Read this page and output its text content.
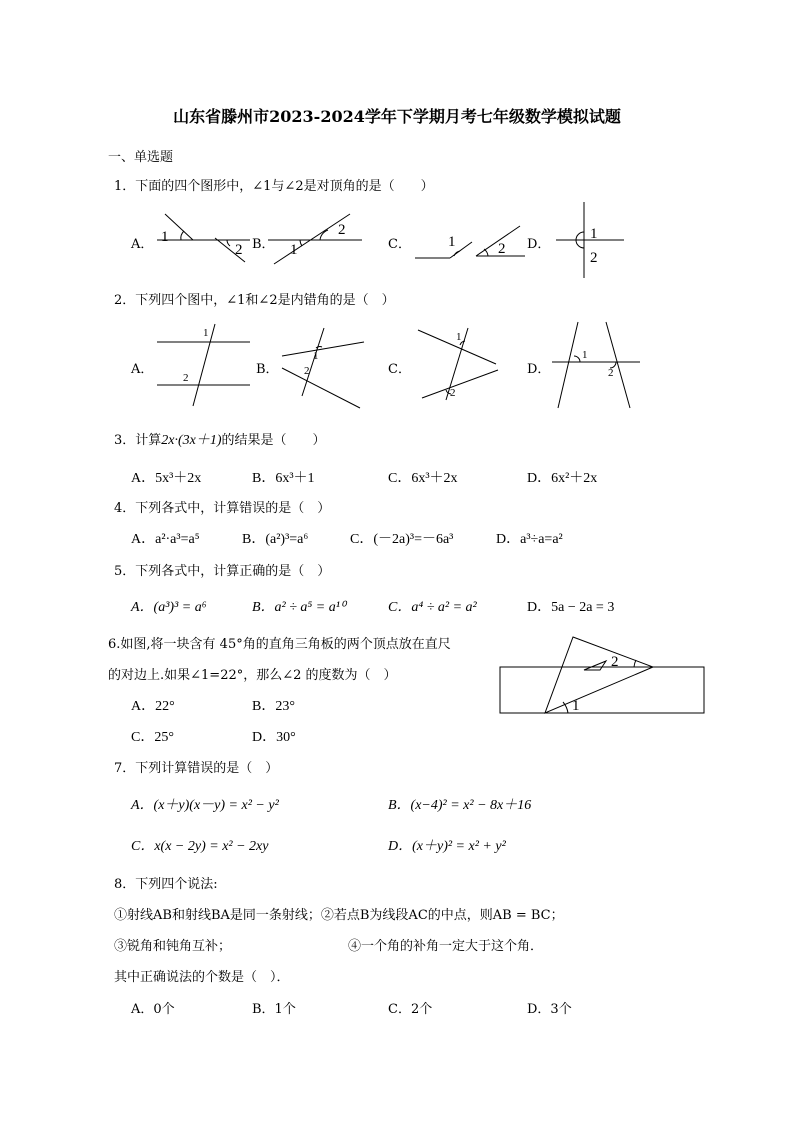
山东省滕州市2023-2024学年下学期月考七年级数学模拟试题
一、单选题
1．下面的四个图形中，∠1与∠2是对顶角的是（　　）
A．	B．	C．	D．
1
2	1
2
1	2
1
2
2．下列四个图中，∠1和∠2是内错角的是（　）
A．	B．	C．	D．
1
2
1
2
1
2
1
2
3．计算2x·(3x＋1)的结果是（　　）
A．5x³＋2x	B．6x³＋1	C．6x³＋2x	D．6x²＋2x
4．下列各式中，计算错误的是（　）
A．a²·a³=a⁵	B．(a²)³=a⁶	C．(－2a)³=－6a³	D．a³÷a=a²
5．下列各式中，计算正确的是（　）
A．(a³)³ = a⁶	B．a² ÷ a⁵ = a¹⁰	C．a⁴ ÷ a² = a²	D．5a − 2a = 3
6.如图,将一块含有 45°角的直角三角板的两个顶点放在直尺
的对边上.如果∠1=22°，那么∠2 的度数为（　）
A．22°	B．23°
C．25°	D．30°
1
2
7．下列计算错误的是（　）
A．(x＋y)(x－y) = x² − y²	B．(x−4)² = x² − 8x＋16
C．x(x − 2y) = x² − 2xy	D．(x＋y)² = x² + y²
8．下列四个说法:
①射线AB和射线BA是同一条射线；②若点B为线段AC的中点，则AB = BC；
③锐角和钝角互补；	④一个角的补角一定大于这个角．
其中正确说法的个数是（　）．
A．0个	B．1个	C．2个	D．3个
